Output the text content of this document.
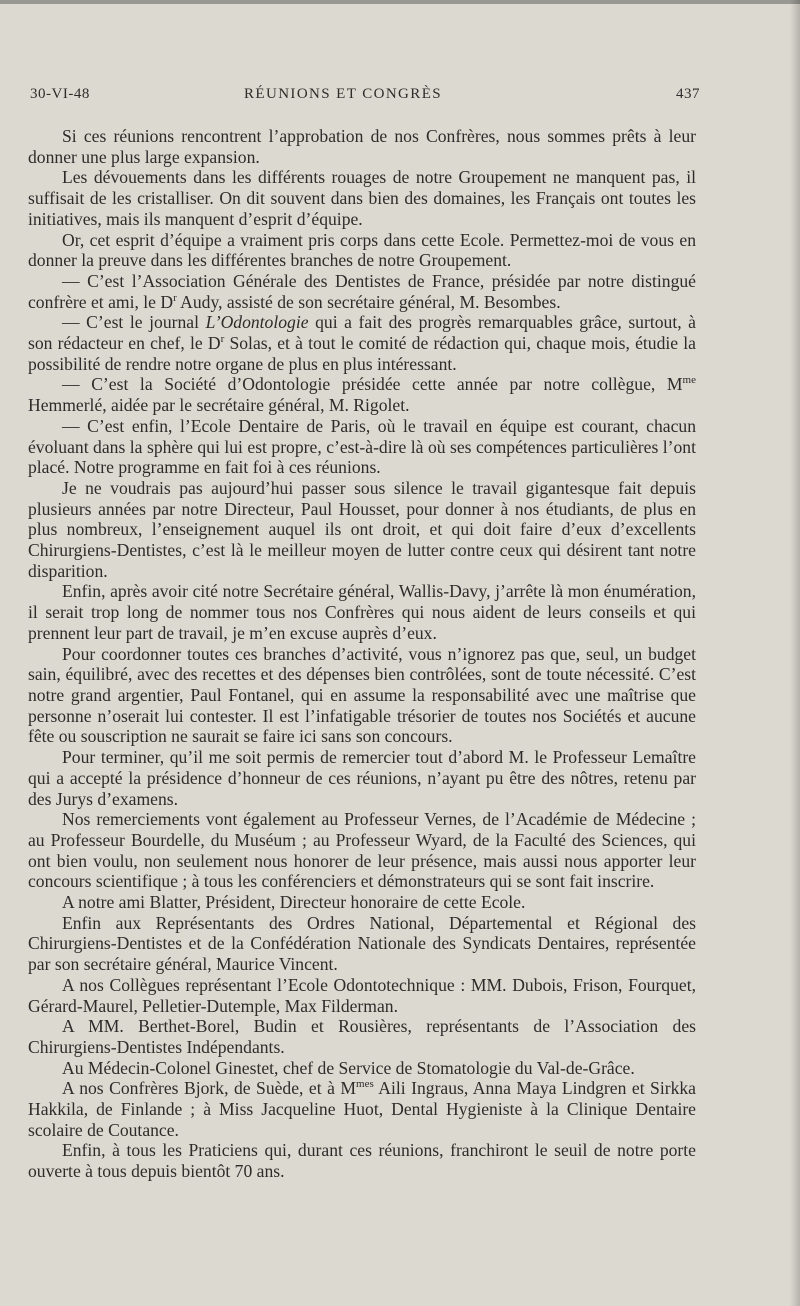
30-VI-48	RÉUNIONS ET CONGRÈS	437

Si ces réunions rencontrent l’approbation de nos Confrères, nous sommes prêts à leur donner une plus large expansion.

Les dévouements dans les différents rouages de notre Groupement ne manquent pas, il suffisait de les cristalliser. On dit souvent dans bien des domaines, les Français ont toutes les initiatives, mais ils manquent d’esprit d’équipe.

Or, cet esprit d’équipe a vraiment pris corps dans cette Ecole. Permettez-moi de vous en donner la preuve dans les différentes branches de notre Groupement.

— C’est l’Association Générale des Dentistes de France, présidée par notre distingué confrère et ami, le $D^r$ Audy, assisté de son secrétaire général, M. Besombes.

— C’est le journal L’Odontologie qui a fait des progrès remarquables grâce, surtout, à son rédacteur en chef, le $D^r$ Solas, et à tout le comité de rédaction qui, chaque mois, étudie la possibilité de rendre notre organe de plus en plus intéressant.

— C’est la Société d’Odontologie présidée cette année par notre collègue, $M^{me}$ Hemmerlé, aidée par le secrétaire général, M. Rigolet.

— C’est enfin, l’Ecole Dentaire de Paris, où le travail en équipe est courant, chacun évoluant dans la sphère qui lui est propre, c’est-à-dire là où ses compétences particulières l’ont placé. Notre programme en fait foi à ces réunions.

Je ne voudrais pas aujourd’hui passer sous silence le travail gigantesque fait depuis plusieurs années par notre Directeur, Paul Housset, pour donner à nos étudiants, de plus en plus nombreux, l’enseignement auquel ils ont droit, et qui doit faire d’eux d’excellents Chirurgiens-Dentistes, c’est là le meilleur moyen de lutter contre ceux qui désirent tant notre disparition.

Enfin, après avoir cité notre Secrétaire général, Wallis-Davy, j’arrête là mon énumération, il serait trop long de nommer tous nos Confrères qui nous aident de leurs conseils et qui prennent leur part de travail, je m’en excuse auprès d’eux.

Pour coordonner toutes ces branches d’activité, vous n’ignorez pas que, seul, un budget sain, équilibré, avec des recettes et des dépenses bien contrôlées, sont de toute nécessité. C’est notre grand argentier, Paul Fontanel, qui en assume la responsabilité avec une maîtrise que personne n’oserait lui contester. Il est l’infatigable trésorier de toutes nos Sociétés et aucune fête ou souscription ne saurait se faire ici sans son concours.

Pour terminer, qu’il me soit permis de remercier tout d’abord M. le Professeur Lemaître qui a accepté la présidence d’honneur de ces réunions, n’ayant pu être des nôtres, retenu par des Jurys d’examens.

Nos remerciements vont également au Professeur Vernes, de l’Académie de Médecine ; au Professeur Bourdelle, du Muséum ; au Professeur Wyard, de la Faculté des Sciences, qui ont bien voulu, non seulement nous honorer de leur présence, mais aussi nous apporter leur concours scientifique ; à tous les conférenciers et démonstrateurs qui se sont fait inscrire.

A notre ami Blatter, Président, Directeur honoraire de cette Ecole.

Enfin aux Représentants des Ordres National, Départemental et Régional des Chirurgiens-Dentistes et de la Confédération Nationale des Syndicats Dentaires, représentée par son secrétaire général, Maurice Vincent.

A nos Collègues représentant l’Ecole Odontotechnique : MM. Dubois, Frison, Fourquet, Gérard-Maurel, Pelletier-Dutemple, Max Filderman.

A MM. Berthet-Borel, Budin et Rousières, représentants de l’Association des Chirurgiens-Dentistes Indépendants.

Au Médecin-Colonel Ginestet, chef de Service de Stomatologie du Val-de-Grâce.

A nos Confrères Bjork, de Suède, et à $M^{mes}$ Aili Ingraus, Anna Maya Lindgren et Sirkka Hakkila, de Finlande ; à Miss Jacqueline Huot, Dental Hygieniste à la Clinique Dentaire scolaire de Coutance.

Enfin, à tous les Praticiens qui, durant ces réunions, franchiront le seuil de notre porte ouverte à tous depuis bientôt 70 ans.
